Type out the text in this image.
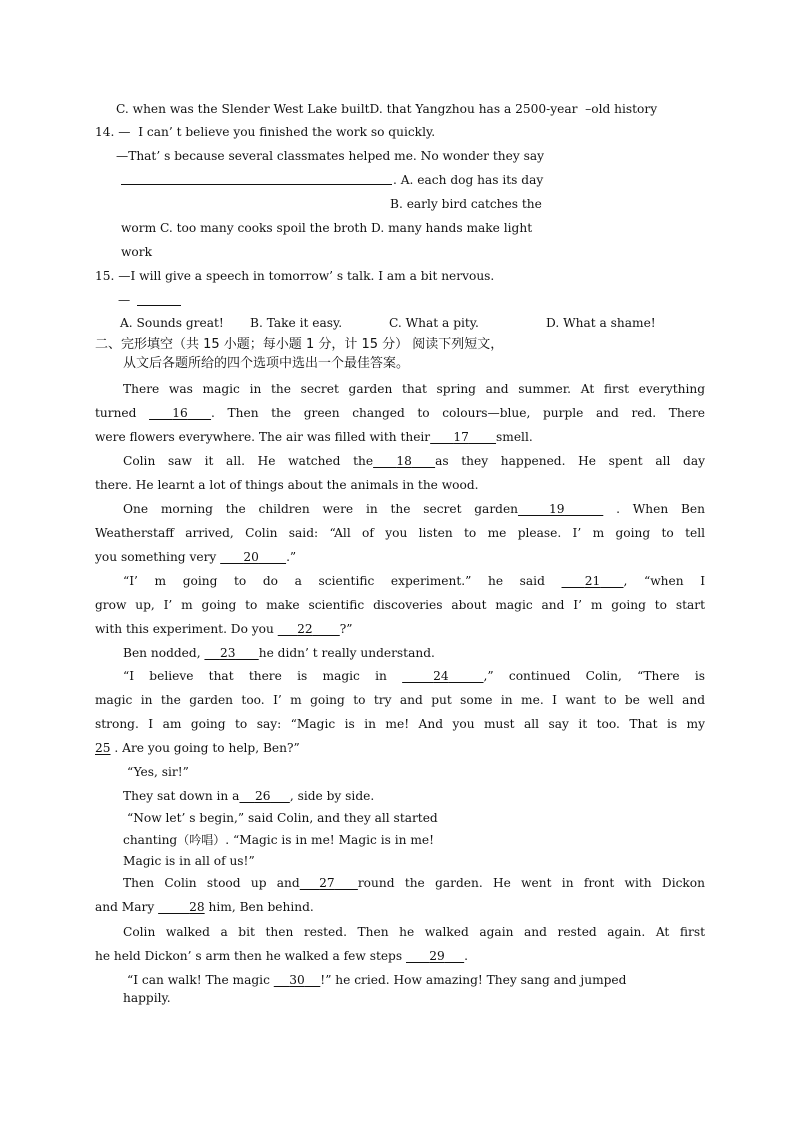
C. when was the Slender West Lake builtD. that Yangzhou has a 2500-year  –old history
14. —  I can’ t believe you finished the work so quickly.
—That’ s because several classmates helped me. No wonder they say
. A. each dog has its day
B. early bird catches the
worm C. too many cooks spoil the broth D. many hands make light
work
15. —I will give a speech in tomorrow’ s talk. I am a bit nervous.
—
A. Sounds great! B. Take it easy.	C. What a pity.	D. What a shame!
二、完形填空（共 15 小题；每小题 1 分，计 15 分） 阅读下列短文，
从文后各题所给的四个选项中选出一个最佳答案。
There was magic in the secret garden that spring and summer. At first everything
turned	16 . Then the green changed to colours—blue, purple and red. There
were flowers everywhere. The air was filled with their 17 smell.
Colin saw it all. He watched the 18 as they happened. He spent all day
there. He learnt a lot of things about the animals in the wood.
One morning the children were in the secret garden	19	. When Ben
Weatherstaff arrived, Colin said: “All of you listen to me please. I’ m going to tell
you something very 20 .”
“I’ m going to do a scientific experiment.” he said	21 , “when I
grow up, I’ m going to make scientific discoveries about magic and I’ m going to start
with this experiment. Do you 22 ?”
Ben nodded, 23 he didn’ t really understand.
“I believe that there is magic in	24	,” continued Colin, “There is
magic in the garden too. I’ m going to try and put some in me. I want to be well and
strong. I am going to say: “Magic is in me! And you must all say it too. That is my
25 . Are you going to help, Ben?”
“Yes, sir!”
They sat down in a 26 , side by side.
“Now let’ s begin,” said Colin, and they all started
chanting（吟唱）. “Magic is in me! Magic is in me!
Magic is in all of us!”
Then Colin stood up and 27 round the garden. He went in front with Dickon
and Mary	28 him, Ben behind.
Colin walked a bit then rested. Then he walked again and rested again. At first
he held Dickon’ s arm then he walked a few steps 29 .
“I can walk! The magic 30 !” he cried. How amazing! They sang and jumped
happily.
